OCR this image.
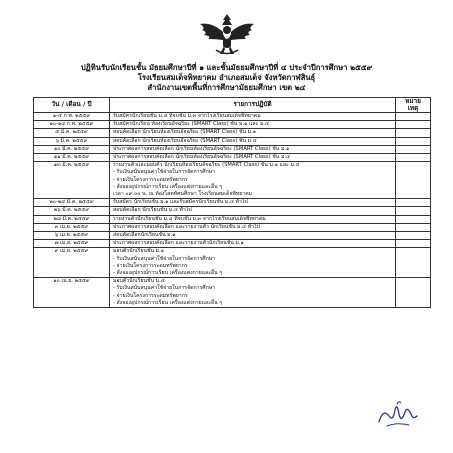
ปฏิทินรับนักเรียนชั้น มัธยมศึกษาปีที่ ๑ และชั้นมัธยมศึกษาปีที่ ๔ ประจำปีการศึกษา ๒๕๕๙
โรงเรียนสมเด็จพิทยาคม อำเภอสมเด็จ จังหวัดกาฬสินธุ์
สำนักงานเขตพื้นที่การศึกษามัธยมศึกษา เขต ๒๔
วัน / เดือน / ปี	รายการปฏิบัติ	หมาย
เหตุ

๑-๕ ก.พ. ๒๕๕๙	รับสมัครนักเรียนชั้น ม.๔ ที่จบชั้น ม.๓ จากโรงเรียนสมเด็จพิทยาคม	

๑๐-๑๔ ก.พ. ๒๕๕๙	รับสมัครนักเรียน ห้องเรียนอัจฉริยะ (SMART Class) ชั้น ม.๑ และ ม.๔	

๕ มี.ค. ๒๕๕๙	สอบคัดเลือก นักเรียนห้องเรียนอัจฉริยะ (SMART Class) ชั้น ม.๑	

๖ มี.ค. ๒๕๕๙	สอบคัดเลือก นักเรียนห้องเรียนอัจฉริยะ (SMART Class) ชั้น ม.๔	

๑๐ มี.ค. ๒๕๕๙	ประกาศผลการสอบคัดเลือก นักเรียนห้องเรียนอัจฉริยะ (SMART Class) ชั้น ม.๑	

๑๑ มี.ค. ๒๕๕๙	ประกาศผลการสอบคัดเลือก นักเรียนห้องเรียนอัจฉริยะ (SMART Class) ชั้น ม.๔	

๑๓ มี.ค. ๒๕๕๙	รายงานตัวและมอบตัว นักเรียนห้องเรียนอัจฉริยะ (SMART Class) ชั้น ม.๑ และ ม.๔
- รับเงินสนับสนุนค่าใช้จ่ายในการจัดการศึกษา
- จ่ายเงินโครงการระดมทรัพยากร
- สั่งจองอุปกรณ์การเรียน เครื่องแต่งกายและอื่น ๆ
เวลา ๐๙.๐๐ น. ณ ห้องโสตทัศนศึกษา โรงเรียนสมเด็จพิทยาคม	

๒๐-๒๔ มี.ค. ๒๕๕๙	รับสมัคร นักเรียนชั้น ม.๑ และรับสมัครนักเรียนชั้น ม.๔ ทั่วไป	

๒๖ มี.ค. ๒๕๕๙	สอบคัดเลือก นักเรียนชั้น ม.๔ ทั่วไป	

๒๘ มี.ค. ๒๕๕๙	รายงานตัวนักเรียนชั้น ม.๔ ที่จบชั้น ม.๓ จากโรงเรียนสมเด็จพิทยาคม	

๓ เม.ย. ๒๕๕๙	ประกาศผลการสอบคัดเลือก และรายงานตัว นักเรียนชั้น ม.๔ ทั่วไป	

๖ เม.ย. ๒๕๕๙	สอบคัดเลือกนักเรียนชั้น ม.๑	

๗ เม.ย. ๒๕๕๙	ประกาศผลการสอบคัดเลือก และรายงานตัวนักเรียนชั้น ม.๑	

๙ เม.ย. ๒๕๕๙	มอบตัวนักเรียนชั้น ม.๑
- รับเงินสนับสนุนค่าใช้จ่ายในการจัดการศึกษา
- จ่ายเงินโครงการระดมทรัพยากร
- สั่งจองอุปกรณ์การเรียน เครื่องแต่งกายและอื่น ๆ	

๑๐ เม.ย. ๒๕๕๙	มอบตัวนักเรียนชั้น ม.๔
- รับเงินสนับสนุนค่าใช้จ่ายในการจัดการศึกษา
- จ่ายเงินโครงการระดมทรัพยากร
- สั่งจองอุปกรณ์การเรียน เครื่องแต่งกายและอื่น ๆ	
